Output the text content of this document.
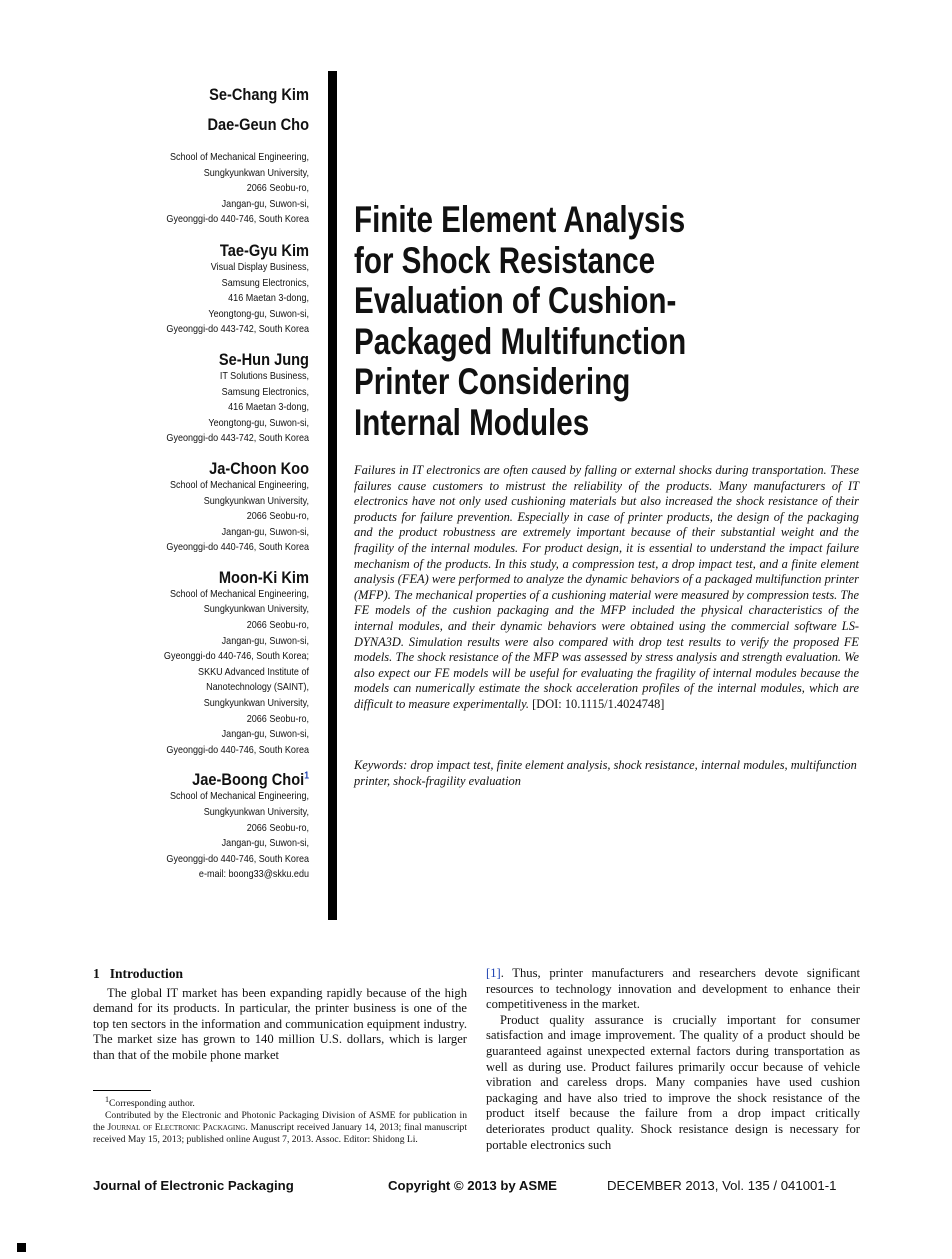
Se-Chang Kim
Dae-Geun Cho
School of Mechanical Engineering,
Sungkyunkwan University,
2066 Seobu-ro,
Jangan-gu, Suwon-si,
Gyeonggi-do 440-746, South Korea
Tae-Gyu Kim
Visual Display Business,
Samsung Electronics,
416 Maetan 3-dong,
Yeongtong-gu, Suwon-si,
Gyeonggi-do 443-742, South Korea
Se-Hun Jung
IT Solutions Business,
Samsung Electronics,
416 Maetan 3-dong,
Yeongtong-gu, Suwon-si,
Gyeonggi-do 443-742, South Korea
Ja-Choon Koo
School of Mechanical Engineering,
Sungkyunkwan University,
2066 Seobu-ro,
Jangan-gu, Suwon-si,
Gyeonggi-do 440-746, South Korea
Moon-Ki Kim
School of Mechanical Engineering,
Sungkyunkwan University,
2066 Seobu-ro,
Jangan-gu, Suwon-si,
Gyeonggi-do 440-746, South Korea;
SKKU Advanced Institute of
Nanotechnology (SAINT),
Sungkyunkwan University,
2066 Seobu-ro,
Jangan-gu, Suwon-si,
Gyeonggi-do 440-746, South Korea
Jae-Boong Choi$^1$
School of Mechanical Engineering,
Sungkyunkwan University,
2066 Seobu-ro,
Jangan-gu, Suwon-si,
Gyeonggi-do 440-746, South Korea
e-mail: boong33@skku.edu
Finite Element Analysis
for Shock Resistance
Evaluation of Cushion-
Packaged Multifunction
Printer Considering
Internal Modules
Failures in IT electronics are often caused by falling or external shocks during transportation. These failures cause customers to mistrust the reliability of the products. Many manufacturers of IT electronics have not only used cushioning materials but also increased the shock resistance of their products for failure prevention. Especially in case of printer products, the design of the packaging and the product robustness are extremely important because of their substantial weight and the fragility of the internal modules. For product design, it is essential to understand the impact failure mechanism of the products. In this study, a compression test, a drop impact test, and a finite element analysis (FEA) were performed to analyze the dynamic behaviors of a packaged multifunction printer (MFP). The mechanical properties of a cushioning material were measured by compression tests. The FE models of the cushion packaging and the MFP included the physical characteristics of the internal modules, and their dynamic behaviors were obtained using the commercial software LS-DYNA3D. Simulation results were also compared with drop test results to verify the proposed FE models. The shock resistance of the MFP was assessed by stress analysis and strength evaluation. We also expect our FE models will be useful for evaluating the fragility of internal modules because the models can numerically estimate the shock acceleration profiles of the internal modules, which are difficult to measure experimentally. [DOI: 10.1115/1.4024748]
Keywords: drop impact test, finite element analysis, shock resistance, internal modules, multifunction printer, shock-fragility evaluation
1 Introduction

The global IT market has been expanding rapidly because of the high demand for its products. In particular, the printer business is one of the top ten sectors in the information and communication equipment industry. The market size has grown to 140 million U.S. dollars, which is larger than that of the mobile phone market

[1]. Thus, printer manufacturers and researchers devote significant resources to technology innovation and development to enhance their competitiveness in the market.

Product quality assurance is crucially important for consumer satisfaction and image improvement. The quality of a product should be guaranteed against unexpected external factors during transportation as well as during use. Product failures primarily occur because of vehicle vibration and careless drops. Many companies have used cushion packaging and have also tried to improve the shock resistance of the product itself because the failure from a drop impact critically deteriorates product quality. Shock resistance design is necessary for portable electronics such

$^1$Corresponding author.

Contributed by the Electronic and Photonic Packaging Division of ASME for publication in the Journal of Electronic Packaging. Manuscript received January 14, 2013; final manuscript received May 15, 2013; published online August 7, 2013. Assoc. Editor: Shidong Li.

Journal of Electronic Packaging	Copyright © 2013 by ASME	DECEMBER 2013, Vol. 135 / 041001-1
